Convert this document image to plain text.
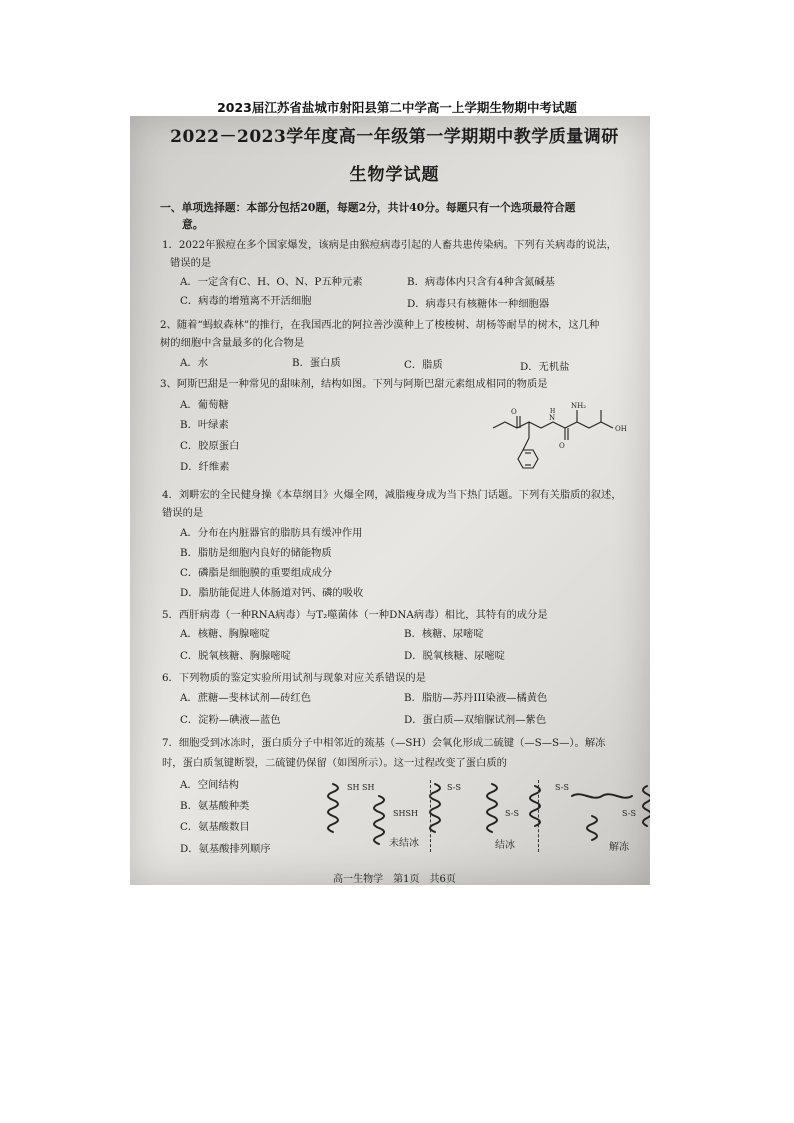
2023届江苏省盐城市射阳县第二中学高一上学期生物期中考试题
2022－2023学年度高一年级第一学期期中教学质量调研
生物学试题
一、单项选择题：本部分包括20题，每题2分，共计40分。每题只有一个选项最符合题
意。
1．2022年猴痘在多个国家爆发，该病是由猴痘病毒引起的人畜共患传染病。下列有关病毒的说法，
错误的是
A．一定含有C、H、O、N、P五种元素	B．病毒体内只含有4种含氮碱基
C．病毒的增殖离不开活细胞	D．病毒只有核糖体一种细胞器
2、随着“蚂蚁森林”的推行，在我国西北的阿拉善沙漠种上了梭梭树、胡杨等耐旱的树木，这几种
树的细胞中含量最多的化合物是
A．水	B．蛋白质	C．脂质	D．无机盐
3、阿斯巴甜是一种常见的甜味剂，结构如图。下列与阿斯巴甜元素组成相同的物质是
A．葡萄糖
B．叶绿素
C．胶原蛋白
D．纤维素
O
O
N
H
NH₂
OH
4．刘畊宏的全民健身操《本草纲目》火爆全网，减脂瘦身成为当下热门话题。下列有关脂质的叙述，
错误的是
A．分布在内脏器官的脂肪具有缓冲作用
B．脂肪是细胞内良好的储能物质
C．磷脂是细胞膜的重要组成成分
D．脂肪能促进人体肠道对钙、磷的吸收
5．西肝病毒（一种RNA病毒）与T₂噬菌体（一种DNA病毒）相比，其特有的成分是
A．核糖、胸腺嘧啶	B．核糖、尿嘧啶
C．脱氧核糖、胸腺嘧啶	D．脱氧核糖、尿嘧啶
6．下列物质的鉴定实验所用试剂与现象对应关系错误的是
A．蔗糖—斐林试剂—砖红色	B．脂肪—苏丹III染液—橘黄色
C．淀粉—碘液—蓝色	D．蛋白质—双缩脲试剂—紫色
7．细胞受到冰冻时，蛋白质分子中相邻近的巯基（—SH）会氧化形成二硫键（—S—S—）。解冻
时，蛋白质氢键断裂，二硫键仍保留（如图所示）。这一过程改变了蛋白质的
A．空间结构
B．氨基酸种类
C．氨基酸数目
D．氨基酸排列顺序
SH SH
SHSH
S-S
S-S
S-S
S-S
未结冰	结冰	解冻
高一生物学　第1页　共6页
